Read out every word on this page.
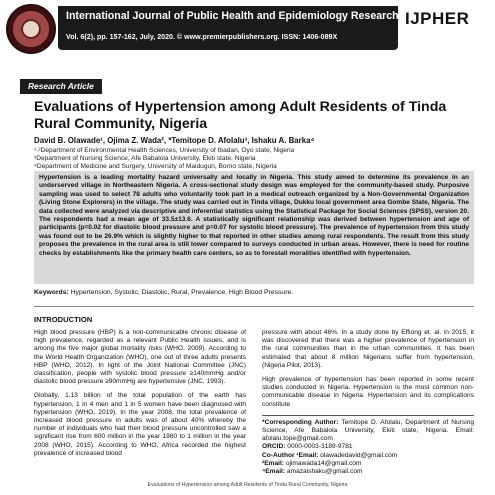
International Journal of Public Health and Epidemiology Research
Vol. 6(2), pp. 157-162, July, 2020. © www.premierpublishers.org. ISSN: 1406-089X
IJPHER
Research Article
Evaluations of Hypertension among Adult Residents of Tinda Rural Community, Nigeria
David B. Olawade¹, Ojima Z. Wada², *Temitope D. Afolalu³, Ishaku A. Barka⁴
¹˒²Department of Environmental Health Sciences, University of Ibadan, Oyo state, Nigeria
³Department of Nursing Science, Afe Babalola University, Ekiti state, Nigeria
⁴Department of Medicine and Surgery, University of Maiduguri, Borno state, Nigeria
Hypertension is a leading mortality hazard universally and locally in Nigeria. This study aimed to determine its prevalence in an underserved village in Northeastern Nigeria. A cross-sectional study design was employed for the community-based study. Purposive sampling was used to select 78 adults who voluntarily took part in a medical outreach organized by a Non-Governmental Organization (Living Stone Explorers) in the village. The study was carried out in Tinda village, Dukku local government area Gombe State, Nigeria. The data collected were analyzed via descriptive and inferential statistics using the Statistical Package for Social Sciences (SPSS), version 20. The respondents had a mean age of 33.5±13.6. A statistically significant relationship was derived between hypertension and age of participants (p=0.02 for diastolic blood pressure and p=0.07 for systolic blood pressure). The prevalence of hypertension from this study was found out to be 26.9% which is slightly higher to that reported in other studies among rural respondents. The result from this study proposes the prevalence in the rural area is still lower compared to surveys conducted in urban areas. However, there is need for routine checks by establishments like the primary health care centers, so as to forestall moralities identified with hypertension.
Keywords: Hypertension, Systolic, Diastolic, Rural, Prevalence, High Blood Pressure.
INTRODUCTION

High blood pressure (HBP) is a non-communicable chronic disease of high prevalence, regarded as a relevant Public Health issues, and is among the five major global mortality risks (WHO, 2009). According to the World Health Organization (WHO), one out of three adults presents HBP (WHO, 2012). In light of the Joint National Committee (JNC) classification, people with systolic blood pressure ≥140mmHg and/or diastolic blood pressure ≥90mmHg are hypertensive (JNC, 1993).

Globally, 1.13 billion of the total population of the earth has hypertension, 1 in 4 men and 1 in 5 women have been diagnosed with hypertension (WHO, 2019). In the year 2008, the total prevalence of increased blood pressure in adults was of about 40% whereby the number of individuals who had their blood pressure uncontrolled saw a significant rise from 600 million in the year 1980 to 1 million in the year 2008 (WHO, 2015). According to WHO, Africa recorded the highest prevalence of increased blood

pressure with about 46%. In a study done by Effiong et. al. in 2015, it was discovered that there was a higher prevalence of hypertension in the rural communities than in the urban communities. It has been estimated that about 8 million Nigerians suffer from hypertension, (Nigeria Pilot, 2013).

High prevalence of hypertension has been reported in some recent studies conducted in Nigeria. Hypertension is the most common non-communicable disease in Nigeria. Hypertension and its complications constitute

*Corresponding Author: Temitope D. Afolalu, Department of Nursing Science, Afe Babalola University, Ekiti state, Nigeria. Email: afolalu.tope@gmail.com
ORCID: 0000-0003-3189-9781
Co-Author ¹Email: olawadedavid@gmail.com
²Email: ojimawada14@gmail.com
⁴Email: amazaishaku@gmail.com
Evaluations of Hypertension among Adult Residents of Tinda Rural Community, Nigeria
